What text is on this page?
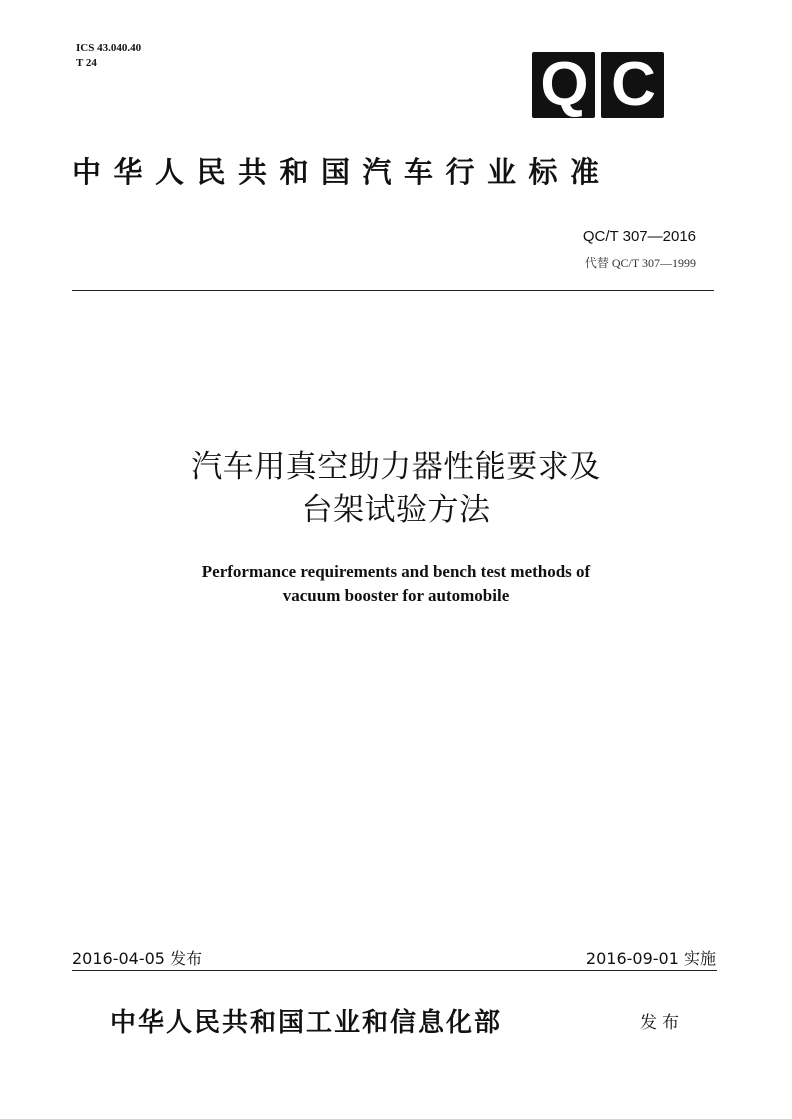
ICS 43.040.40
T 24	Q C
中华人民共和国汽车行业标准
QC/T 307—2016
代替 QC/T 307—1999
汽车用真空助力器性能要求及
台架试验方法
Performance requirements and bench test methods of
vacuum booster for automobile
2016-04-05 发布	2016-09-01 实施
中华人民共和国工业和信息化部	发布
